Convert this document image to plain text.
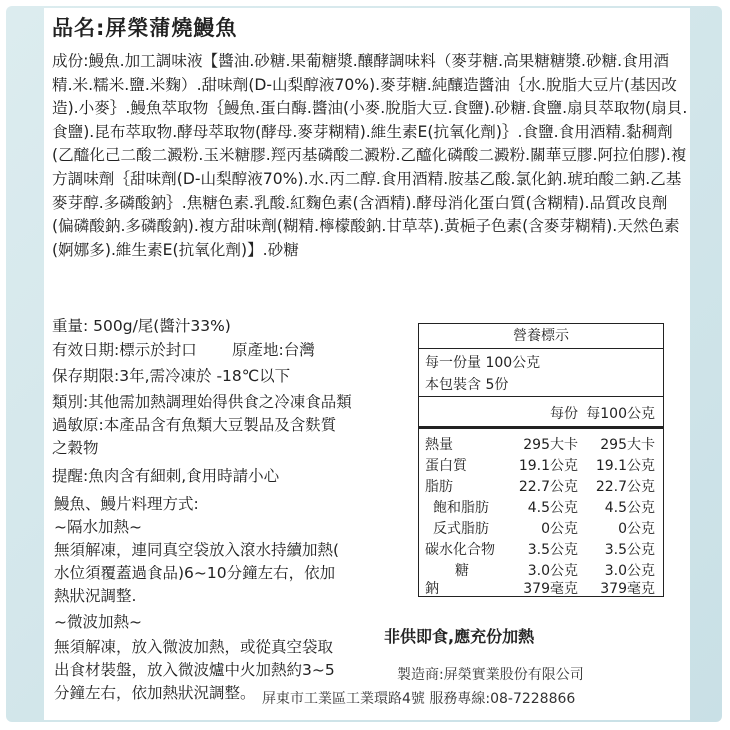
品名:屏榮蒲燒鰻魚
成份:鰻魚.加工調味液【醬油.砂糖.果葡糖漿.釀酵調味料（麥芽糖.高果糖糖漿.砂糖.食用酒精.米.糯米.鹽.米麴）.甜味劑(D-山梨醇液70%).麥芽糖.純釀造醬油｛水.脫脂大豆片(基因改造).小麥｝.鰻魚萃取物｛鰻魚.蛋白酶.醬油(小麥.脫脂大豆.食鹽).砂糖.食鹽.扇貝萃取物(扇貝.食鹽).昆布萃取物.酵母萃取物(酵母.麥芽糊精).維生素E(抗氧化劑)｝.食鹽.食用酒精.黏稠劑(乙醯化己二酸二澱粉.玉米糖膠.羥丙基磷酸二澱粉.乙醯化磷酸二澱粉.關華豆膠.阿拉伯膠).複方調味劑｛甜味劑(D-山梨醇液70%).水.丙二醇.食用酒精.胺基乙酸.氯化鈉.琥珀酸二鈉.乙基麥芽醇.多磷酸鈉｝.焦糖色素.乳酸.紅麴色素(含酒精).酵母消化蛋白質(含糊精).品質改良劑(偏磷酸鈉.多磷酸鈉).複方甜味劑(糊精.檸檬酸鈉.甘草萃).黃梔子色素(含麥芽糊精).天然色素(婀娜多).維生素E(抗氧化劑)】.砂糖
重量: 500g/尾(醬汁33%)
有效日期:標示於封口 原產地:台灣
保存期限:3年,需冷凍於 -18℃以下
類別:其他需加熱調理始得供食之冷凍食品類
過敏原:本產品含有魚類大豆製品及含麩質
之穀物
提醒:魚肉含有細刺,食用時請小心
鰻魚、鰻片料理方式:
~隔水加熱~
無須解凍，連同真空袋放入滾水持續加熱(
水位須覆蓋過食品)6~10分鐘左右，依加
熱狀況調整.
~微波加熱~
無須解凍，放入微波加熱，或從真空袋取
出食材裝盤，放入微波爐中火加熱約3~5
分鐘左右，依加熱狀況調整。
營養標示
每一份量 100公克
本包裝含 5份
每份 每100公克
熱量	295大卡 295大卡
蛋白質	19.1公克 19.1公克
脂肪	22.7公克 22.7公克
飽和脂肪	4.5公克 4.5公克
反式脂肪	0公克	0公克
碳水化合物 3.5公克 3.5公克
糖	3.0公克 3.0公克
鈉	379毫克 379毫克
非供即食,應充份加熱
製造商:屏榮實業股份有限公司
屏東市工業區工業環路4號 服務專線:08-7228866
